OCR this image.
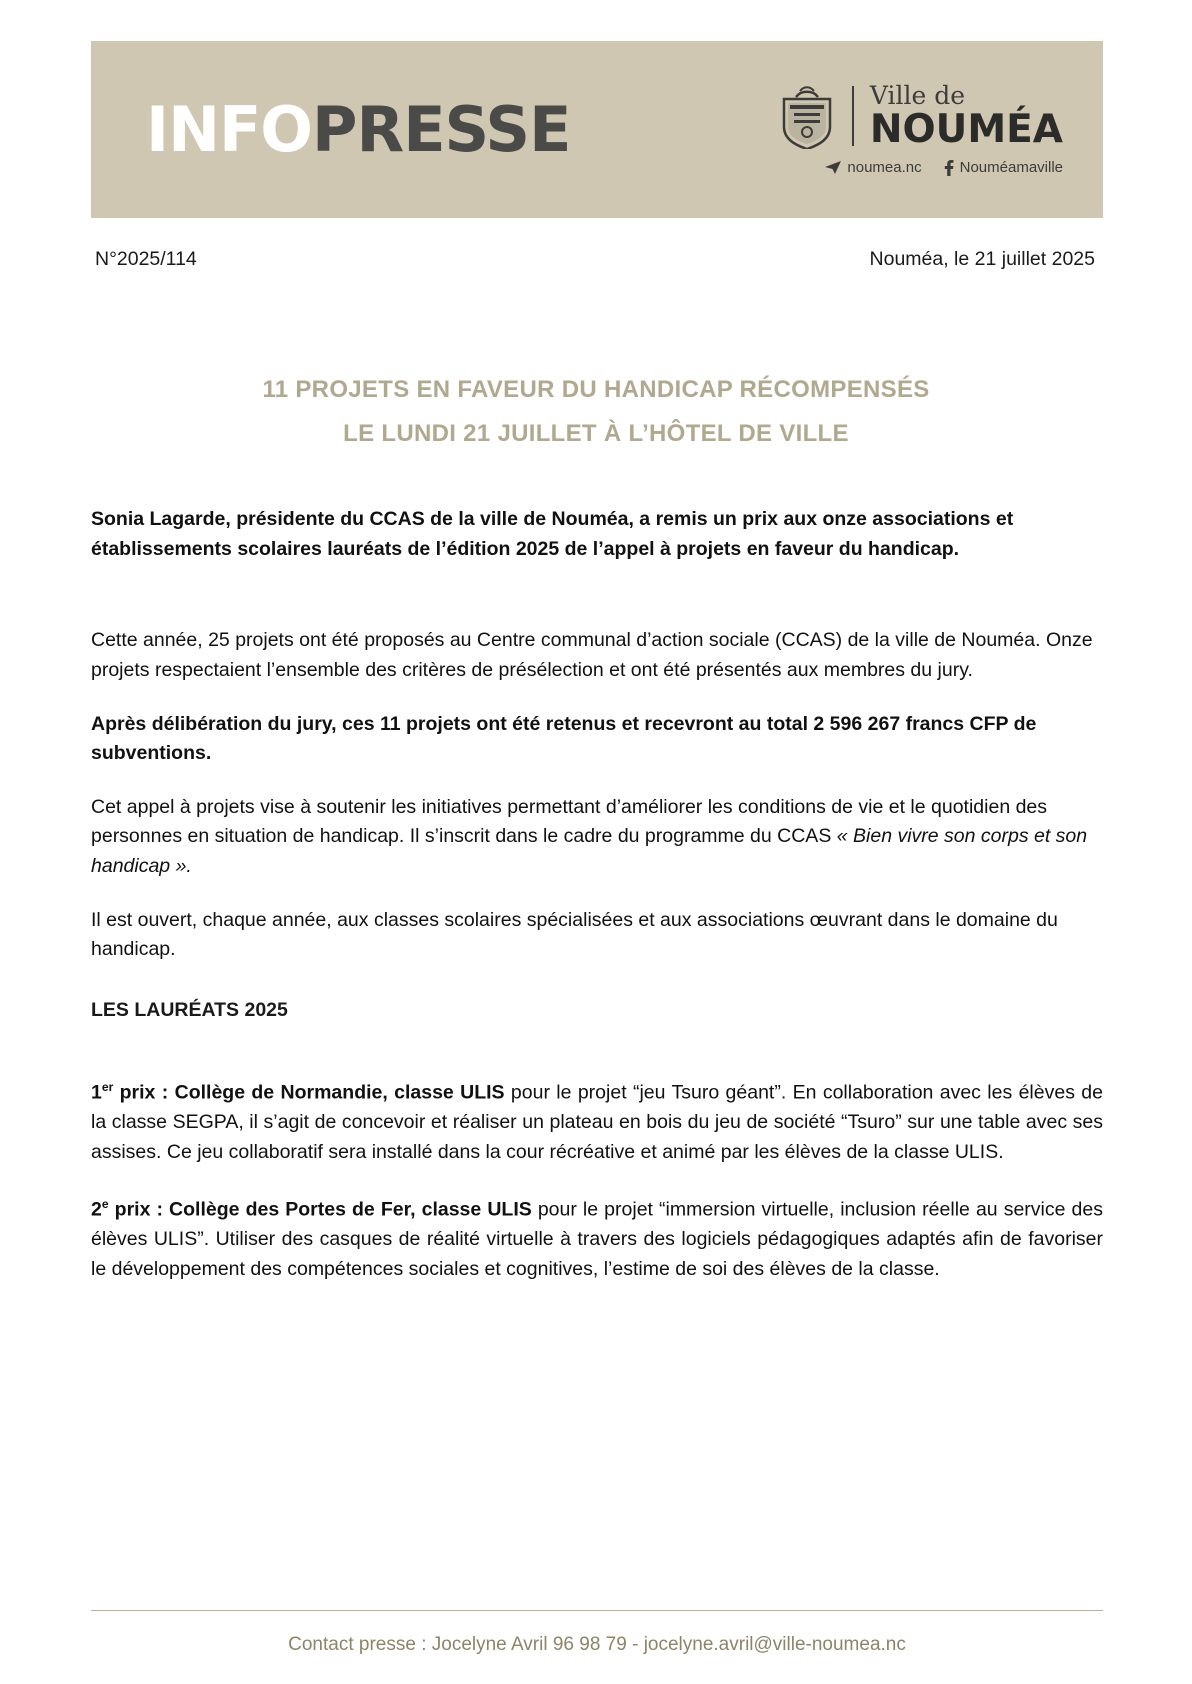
INFOPRESSE	Ville de
NOUMÉA
noumea.nc	Nouméamaville
N°2025/114	Nouméa, le 21 juillet 2025
11 PROJETS EN FAVEUR DU HANDICAP RÉCOMPENSÉS
LE LUNDI 21 JUILLET À L’HÔTEL DE VILLE

Sonia Lagarde, présidente du CCAS de la ville de Nouméa, a remis un prix aux onze associations et établissements scolaires lauréats de l’édition 2025 de l’appel à projets en faveur du handicap.

Cette année, 25 projets ont été proposés au Centre communal d’action sociale (CCAS) de la ville de Nouméa. Onze projets respectaient l’ensemble des critères de présélection et ont été présentés aux membres du jury.

Après délibération du jury, ces 11 projets ont été retenus et recevront au total 2 596 267 francs CFP de subventions.

Cet appel à projets vise à soutenir les initiatives permettant d’améliorer les conditions de vie et le quotidien des personnes en situation de handicap. Il s’inscrit dans le cadre du programme du CCAS « Bien vivre son corps et son handicap ».

Il est ouvert, chaque année, aux classes scolaires spécialisées et aux associations œuvrant dans le domaine du handicap.

LES LAURÉATS 2025

1er prix : Collège de Normandie, classe ULIS pour le projet “jeu Tsuro géant”. En collaboration avec les élèves de la classe SEGPA, il s’agit de concevoir et réaliser un plateau en bois du jeu de société “Tsuro” sur une table avec ses assises. Ce jeu collaboratif sera installé dans la cour récréative et animé par les élèves de la classe ULIS.

2e prix : Collège des Portes de Fer, classe ULIS pour le projet “immersion virtuelle, inclusion réelle au service des élèves ULIS”. Utiliser des casques de réalité virtuelle à travers des logiciels pédagogiques adaptés afin de favoriser le développement des compétences sociales et cognitives, l’estime de soi des élèves de la classe.

Contact presse : Jocelyne Avril 96 98 79 - jocelyne.avril@ville-noumea.nc
